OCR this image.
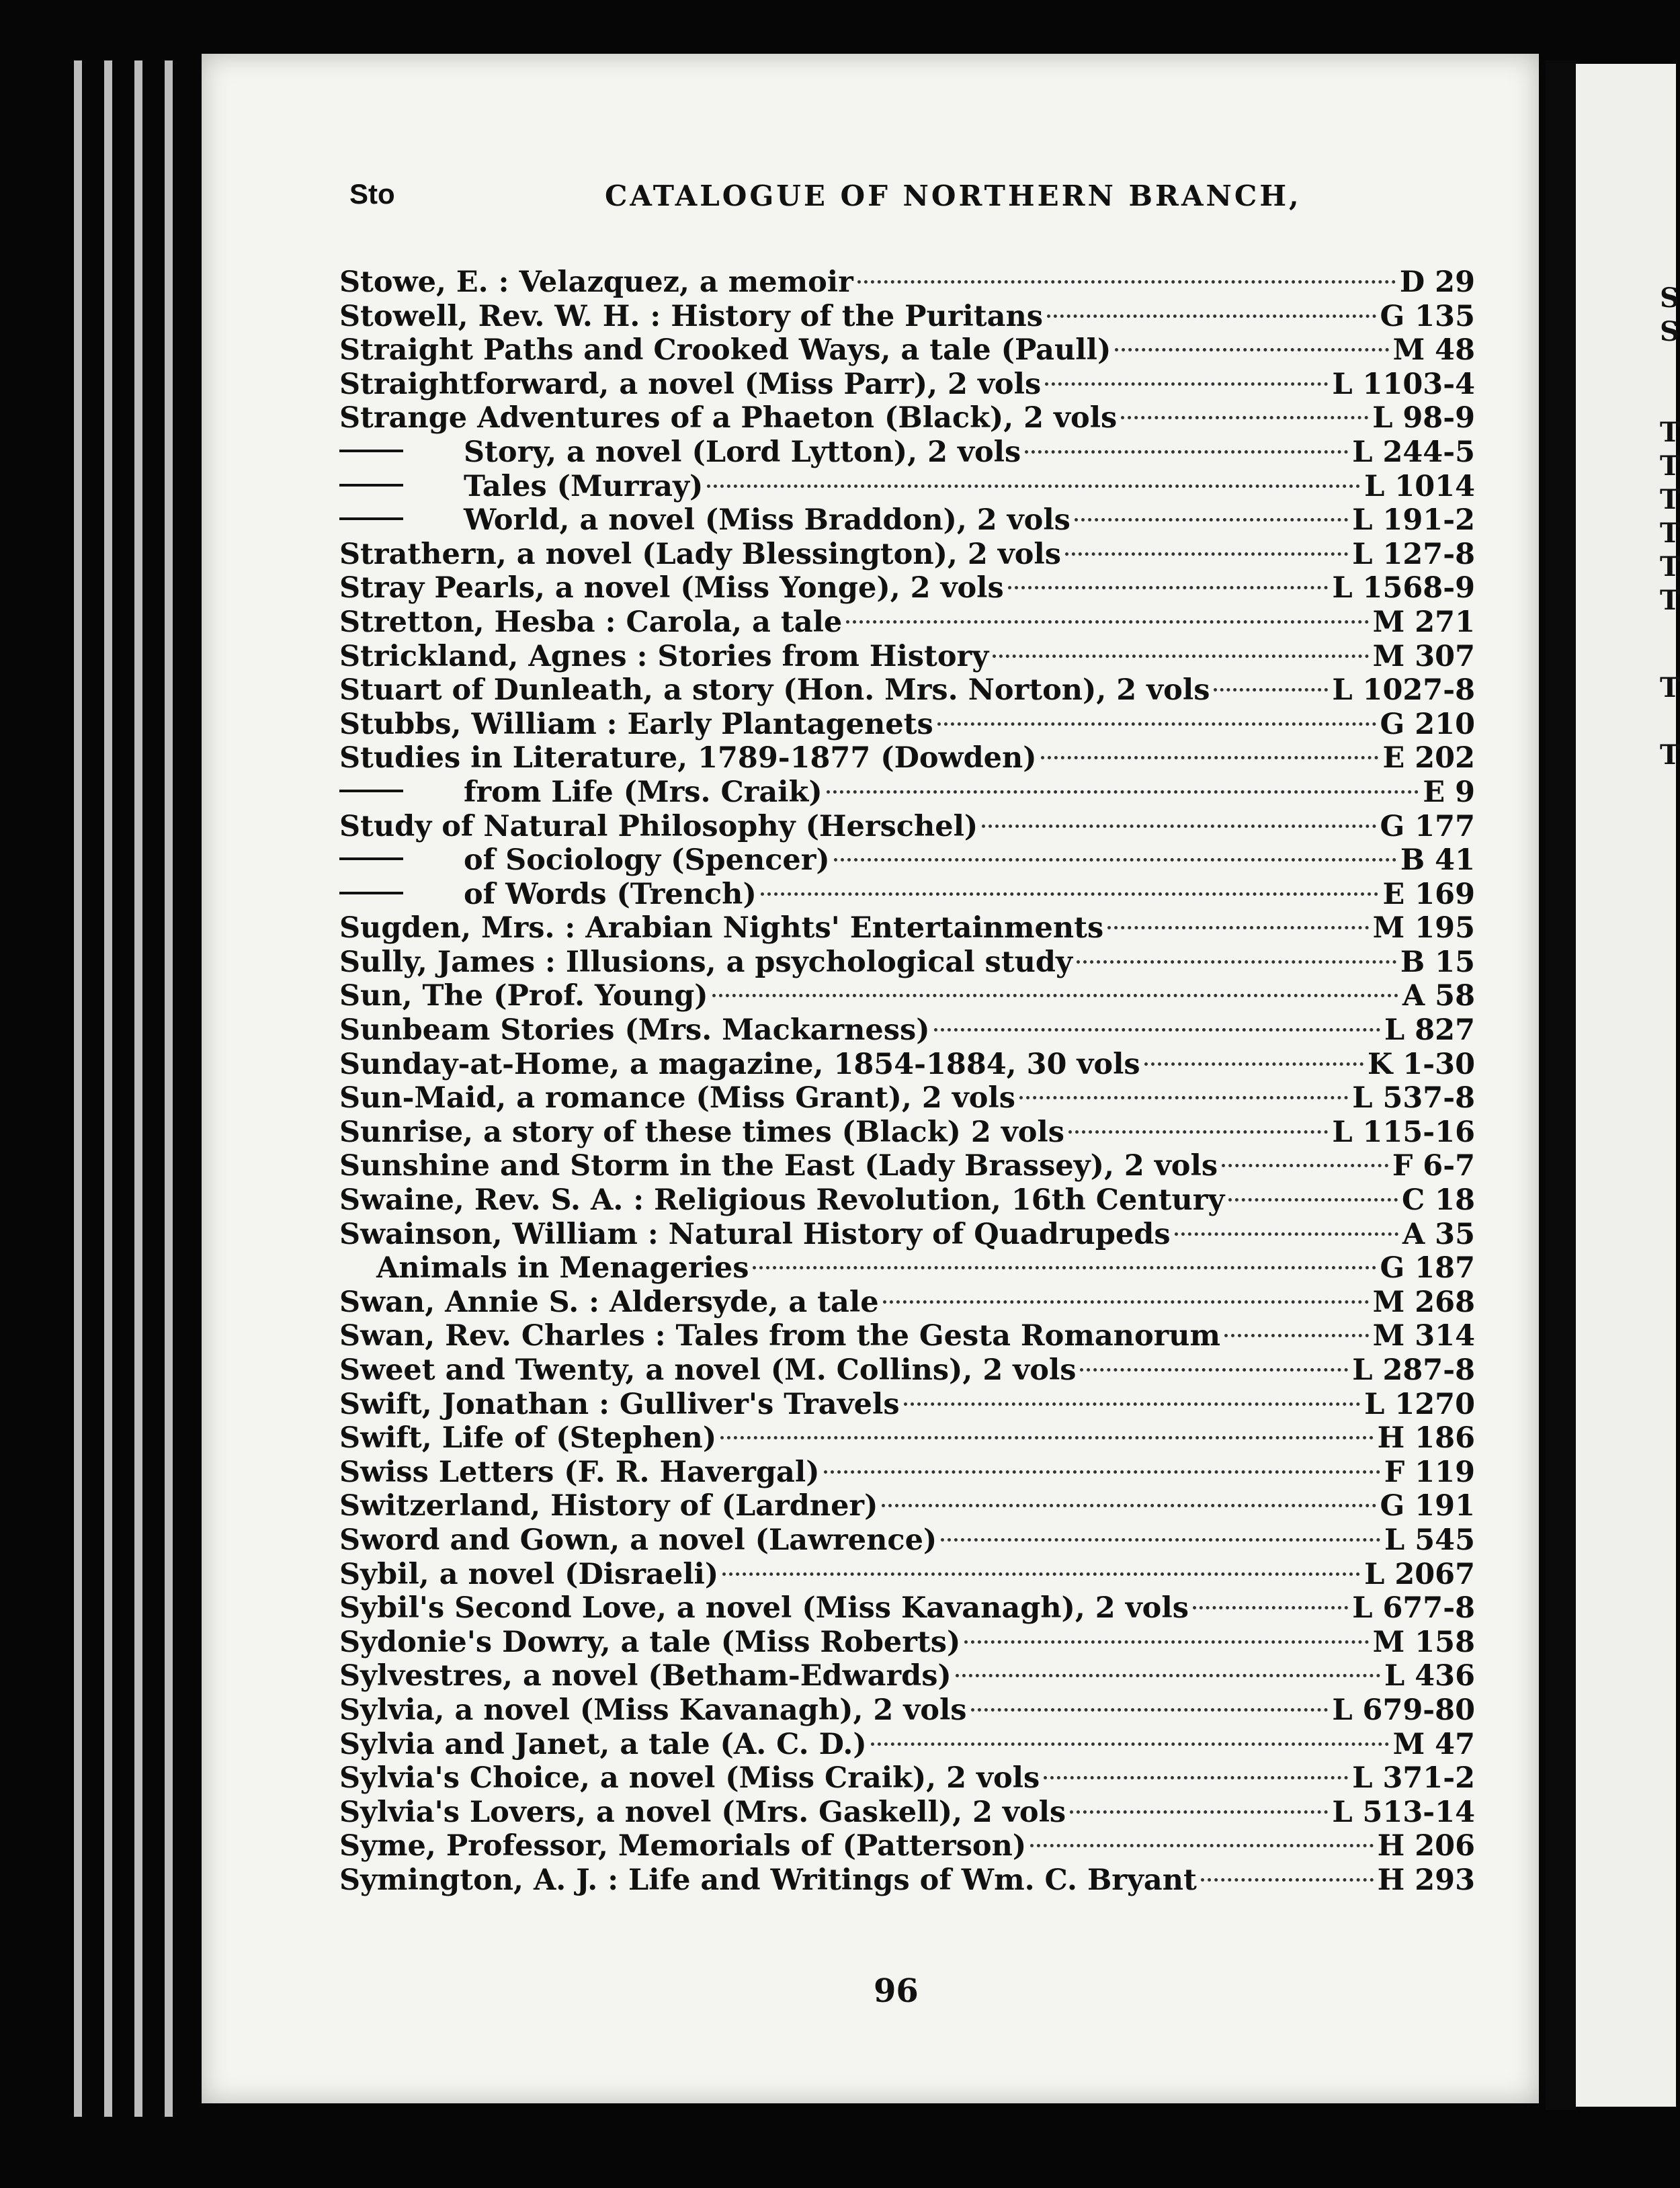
S
S
T
T
T
T
T
T
T
T
Sto	CATALOGUE OF NORTHERN BRANCH,
Stowe, E. : Velazquez, a memoir	D 29
Stowell, Rev. W. H. : History of the Puritans	G 135
Straight Paths and Crooked Ways, a tale (Paull)	M 48
Straightforward, a novel (Miss Parr), 2 vols	L 1103-4
Strange Adventures of a Phaeton (Black), 2 vols	L 98-9
Story, a novel (Lord Lytton), 2 vols	L 244-5
Tales (Murray)	L 1014
World, a novel (Miss Braddon), 2 vols	L 191-2
Strathern, a novel (Lady Blessington), 2 vols	L 127-8
Stray Pearls, a novel (Miss Yonge), 2 vols	L 1568-9
Stretton, Hesba : Carola, a tale	M 271
Strickland, Agnes : Stories from History	M 307
Stuart of Dunleath, a story (Hon. Mrs. Norton), 2 vols	L 1027-8
Stubbs, William : Early Plantagenets	G 210
Studies in Literature, 1789-1877 (Dowden)	E 202
from Life (Mrs. Craik)	E 9
Study of Natural Philosophy (Herschel)	G 177
of Sociology (Spencer)	B 41
of Words (Trench)	E 169
Sugden, Mrs. : Arabian Nights' Entertainments	M 195
Sully, James : Illusions, a psychological study	B 15
Sun, The (Prof. Young)	A 58
Sunbeam Stories (Mrs. Mackarness)	L 827
Sunday-at-Home, a magazine, 1854-1884, 30 vols	K 1-30
Sun-Maid, a romance (Miss Grant), 2 vols	L 537-8
Sunrise, a story of these times (Black) 2 vols	L 115-16
Sunshine and Storm in the East (Lady Brassey), 2 vols	F 6-7
Swaine, Rev. S. A. : Religious Revolution, 16th Century	C 18
Swainson, William : Natural History of Quadrupeds	A 35
Animals in Menageries	G 187
Swan, Annie S. : Aldersyde, a tale	M 268
Swan, Rev. Charles : Tales from the Gesta Romanorum	M 314
Sweet and Twenty, a novel (M. Collins), 2 vols	L 287-8
Swift, Jonathan : Gulliver's Travels	L 1270
Swift, Life of (Stephen)	H 186
Swiss Letters (F. R. Havergal)	F 119
Switzerland, History of (Lardner)	G 191
Sword and Gown, a novel (Lawrence)	L 545
Sybil, a novel (Disraeli)	L 2067
Sybil's Second Love, a novel (Miss Kavanagh), 2 vols	L 677-8
Sydonie's Dowry, a tale (Miss Roberts)	M 158
Sylvestres, a novel (Betham-Edwards)	L 436
Sylvia, a novel (Miss Kavanagh), 2 vols	L 679-80
Sylvia and Janet, a tale (A. C. D.)	M 47
Sylvia's Choice, a novel (Miss Craik), 2 vols	L 371-2
Sylvia's Lovers, a novel (Mrs. Gaskell), 2 vols	L 513-14
Syme, Professor, Memorials of (Patterson)	H 206
Symington, A. J. : Life and Writings of Wm. C. Bryant	H 293
96
